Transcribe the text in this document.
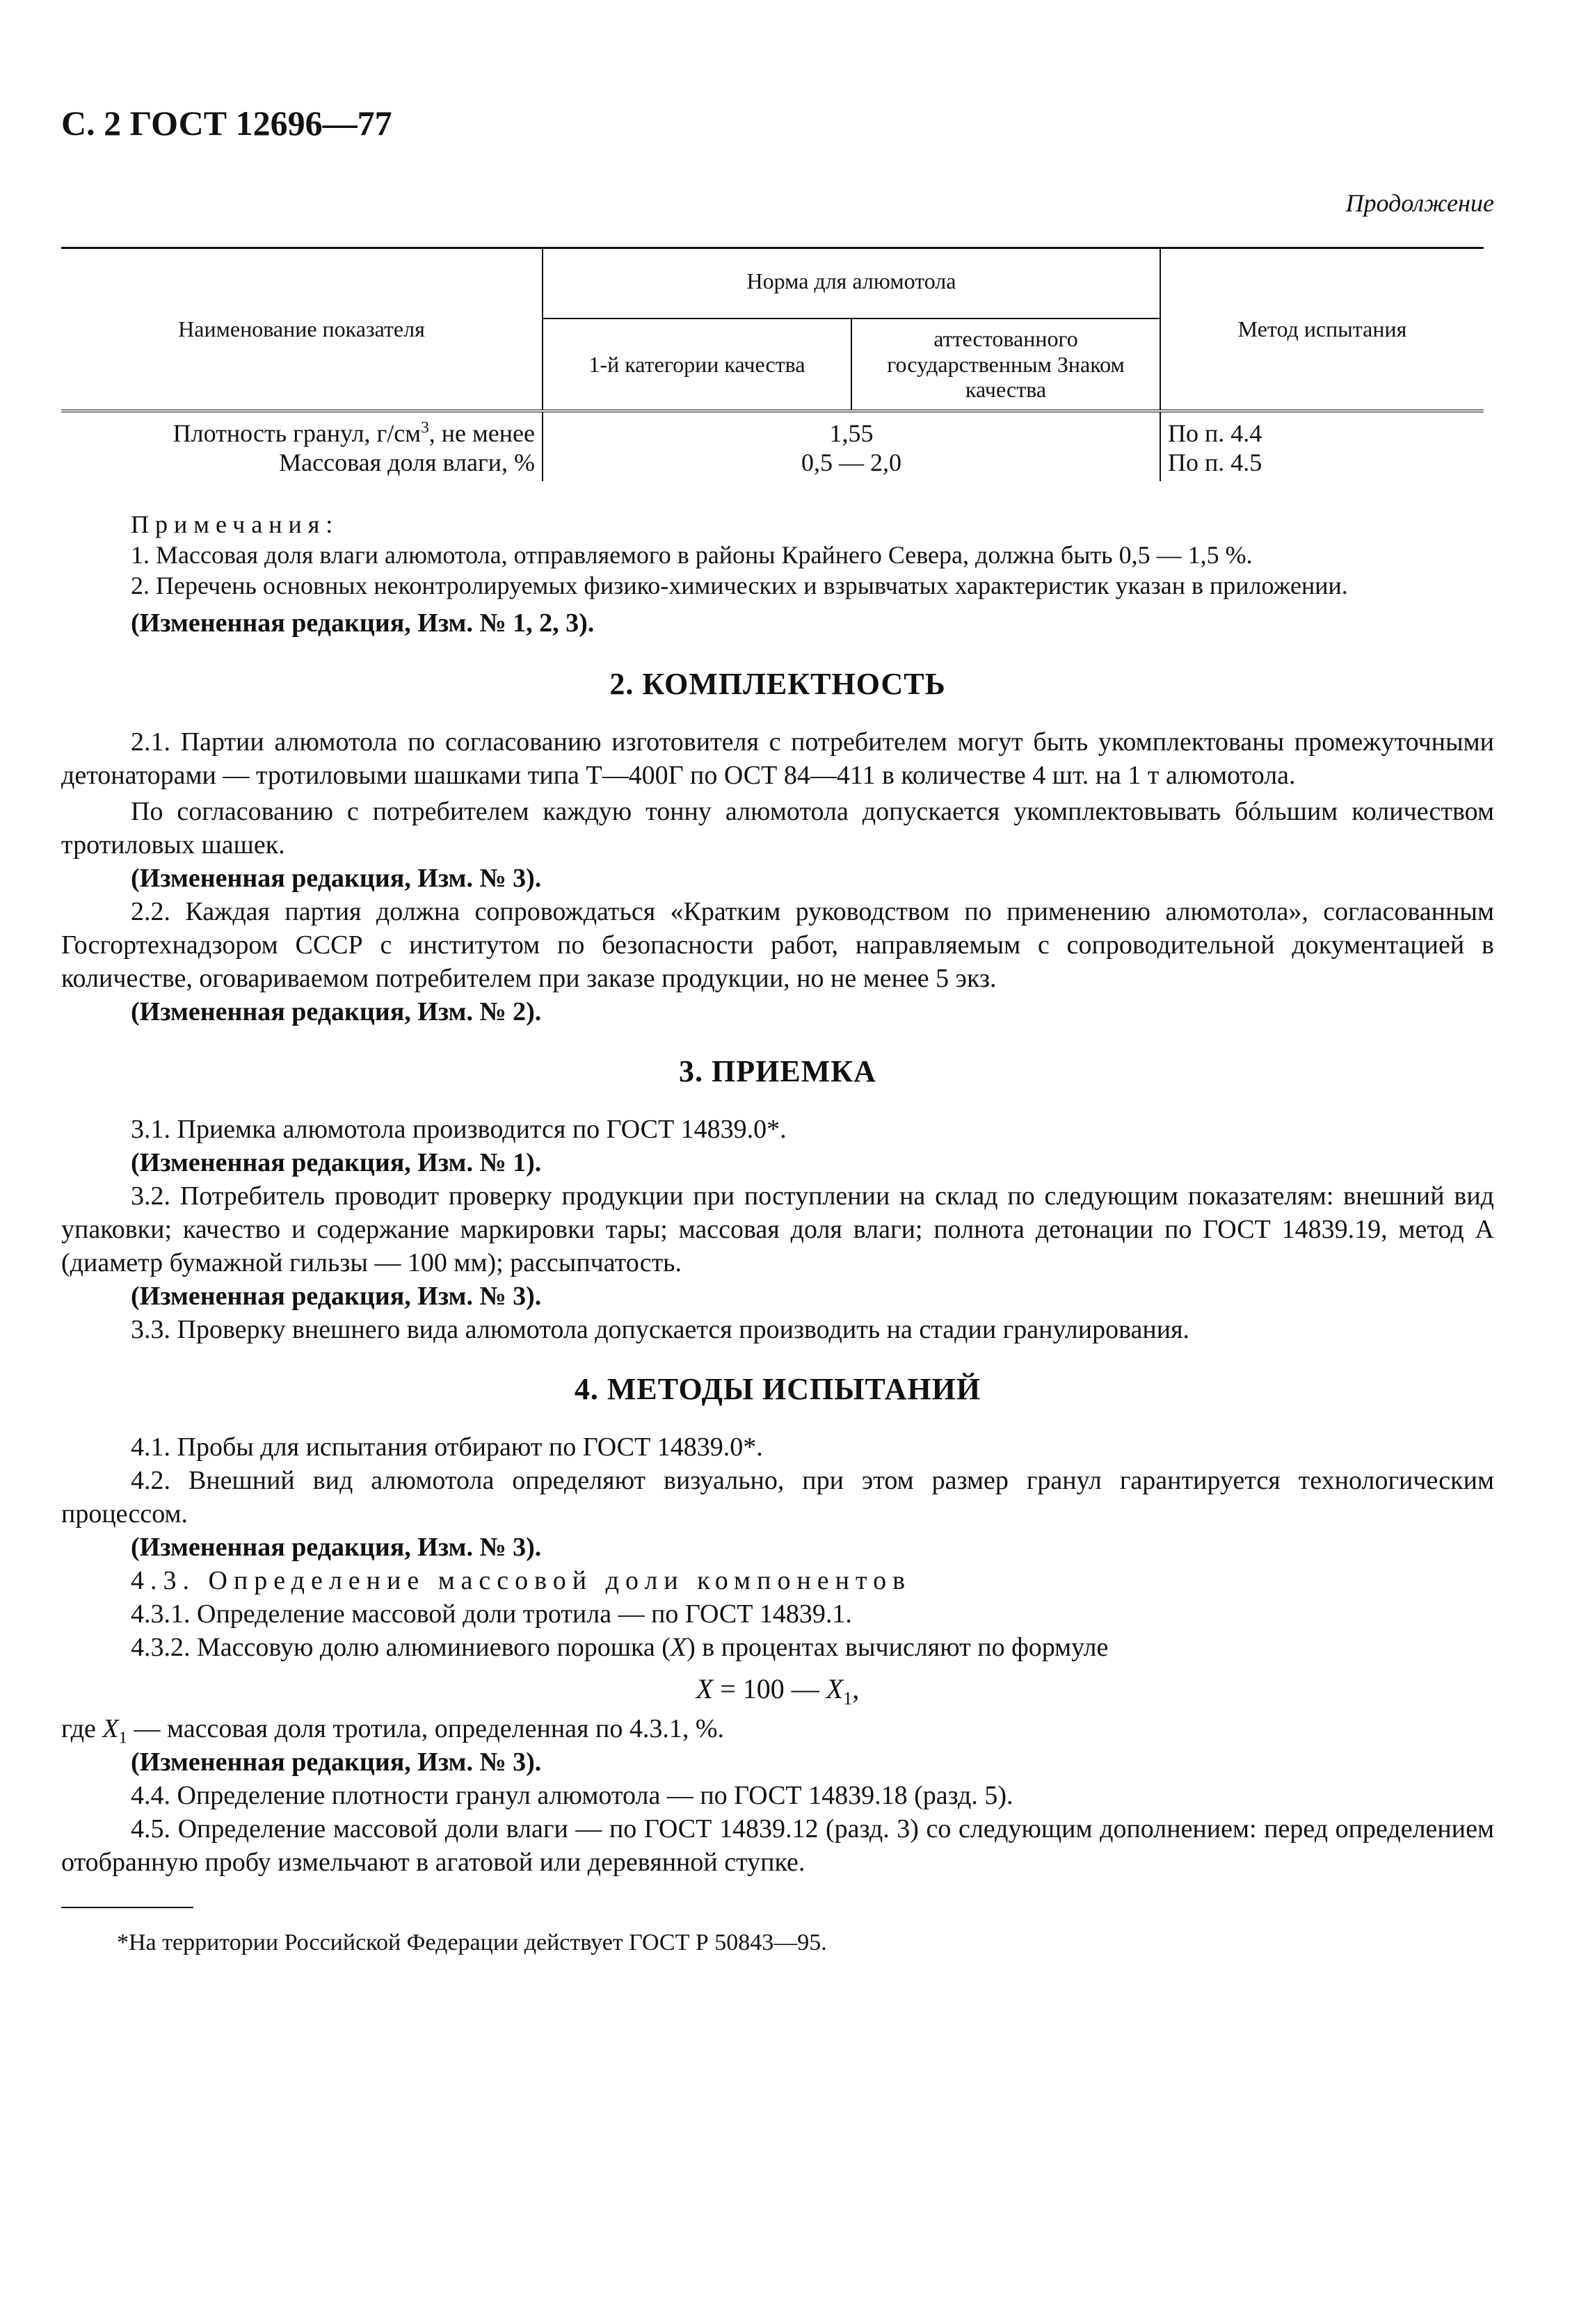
С. 2 ГОСТ 12696—77
Продолжение
Наименование показателя	Норма для алюмотола		Метод испытания
	1-й категории качества	аттестованного государственным Знаком качества	
Плотность гранул, $г/см^3$, не менее	1,55		По п. 4.4
Массовая доля влаги, %	0,5 — 2,0		По п. 4.5

Примечания:

1. Массовая доля влаги алюмотола, отправляемого в районы Крайнего Севера, должна быть 0,5 — 1,5 %.

2. Перечень основных неконтролируемых физико-химических и взрывчатых характеристик указан в приложении.

(Измененная редакция, Изм. № 1, 2, 3).

2. КОМПЛЕКТНОСТЬ

2.1. Партии алюмотола по согласованию изготовителя с потребителем могут быть укомплектованы промежуточными детонаторами — тротиловыми шашками типа Т—400Г по ОСТ 84—411 в количестве 4 шт. на 1 т алюмотола.

По согласованию с потребителем каждую тонну алюмотола допускается укомплектовывать бóльшим количеством тротиловых шашек.

(Измененная редакция, Изм. № 3).

2.2. Каждая партия должна сопровождаться «Кратким руководством по применению алюмотола», согласованным Госгортехнадзором СССР с институтом по безопасности работ, направляемым с сопроводительной документацией в количестве, оговариваемом потребителем при заказе продукции, но не менее 5 экз.

(Измененная редакция, Изм. № 2).

3. ПРИЕМКА

3.1. Приемка алюмотола производится по ГОСТ 14839.0*.

(Измененная редакция, Изм. № 1).

3.2. Потребитель проводит проверку продукции при поступлении на склад по следующим показателям: внешний вид упаковки; качество и содержание маркировки тары; массовая доля влаги; полнота детонации по ГОСТ 14839.19, метод А (диаметр бумажной гильзы — 100 мм); рассыпчатость.

(Измененная редакция, Изм. № 3).

3.3. Проверку внешнего вида алюмотола допускается производить на стадии гранулирования.

4. МЕТОДЫ ИСПЫТАНИЙ

4.1. Пробы для испытания отбирают по ГОСТ 14839.0*.

4.2. Внешний вид алюмотола определяют визуально, при этом размер гранул гарантируется технологическим процессом.

(Измененная редакция, Изм. № 3).

4.3. Определение массовой доли компонентов

4.3.1. Определение массовой доли тротила — по ГОСТ 14839.1.

4.3.2. Массовую долю алюминиевого порошка (X) в процентах вычисляют по формуле

X = 100 — $X_1$,

где $X_1$ — массовая доля тротила, определенная по 4.3.1, %.

(Измененная редакция, Изм. № 3).

4.4. Определение плотности гранул алюмотола — по ГОСТ 14839.18 (разд. 5).

4.5. Определение массовой доли влаги — по ГОСТ 14839.12 (разд. 3) со следующим дополнением: перед определением отобранную пробу измельчают в агатовой или деревянной ступке.

*На территории Российской Федерации действует ГОСТ Р 50843—95.
